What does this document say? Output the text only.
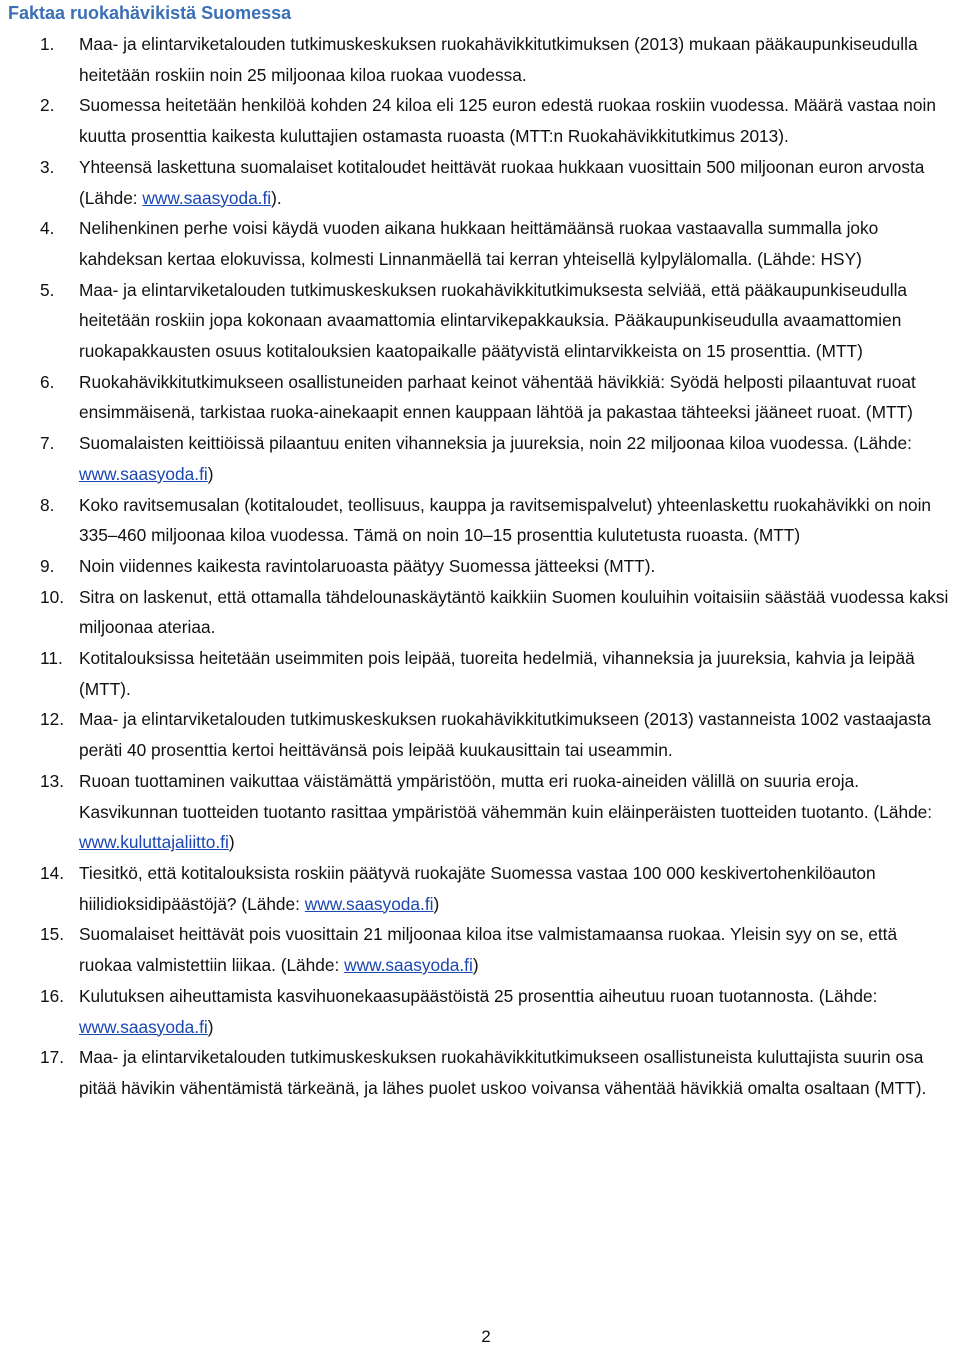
Faktaa ruokahävikistä Suomessa
1.	Maa- ja elintarviketalouden tutkimuskeskuksen ruokahävikkitutkimuksen (2013) mukaan pääkaupunkiseudulla heitetään roskiin noin 25 miljoonaa kiloa ruokaa vuodessa.
2.	Suomessa heitetään henkilöä kohden 24 kiloa eli 125 euron edestä ruokaa roskiin vuodessa. Määrä vastaa noin kuutta prosenttia kaikesta kuluttajien ostamasta ruoasta (MTT:n Ruokahävikkitutkimus 2013).
3.	Yhteensä laskettuna suomalaiset kotitaloudet heittävät ruokaa hukkaan vuosittain 500 miljoonan euron arvosta (Lähde: www.saasyoda.fi).
4.	Nelihenkinen perhe voisi käydä vuoden aikana hukkaan heittämäänsä ruokaa vastaavalla summalla joko kahdeksan kertaa elokuvissa, kolmesti Linnanmäellä tai kerran yhteisellä kylpylälomalla. (Lähde: HSY)
5.	Maa- ja elintarviketalouden tutkimuskeskuksen ruokahävikkitutkimuksesta selviää, että pääkaupunkiseudulla heitetään roskiin jopa kokonaan avaamattomia elintarvikepakkauksia. Pääkaupunkiseudulla avaamattomien ruokapakkausten osuus kotitalouksien kaatopaikalle päätyvistä elintarvikkeista on 15 prosenttia. (MTT)
6.	Ruokahävikkitutkimukseen osallistuneiden parhaat keinot vähentää hävikkiä: Syödä helposti pilaantuvat ruoat ensimmäisenä, tarkistaa ruoka-ainekaapit ennen kauppaan lähtöä ja pakastaa tähteeksi jääneet ruoat. (MTT)
7.	Suomalaisten keittiöissä pilaantuu eniten vihanneksia ja juureksia, noin 22 miljoonaa kiloa vuodessa. (Lähde: www.saasyoda.fi)
8.	Koko ravitsemusalan (kotitaloudet, teollisuus, kauppa ja ravitsemispalvelut) yhteenlaskettu ruokahävikki on noin 335–460 miljoonaa kiloa vuodessa. Tämä on noin 10–15 prosenttia kulutetusta ruoasta. (MTT)
9.	Noin viidennes kaikesta ravintolaruoasta päätyy Suomessa jätteeksi (MTT).
10. Sitra on laskenut, että ottamalla tähdelounaskäytäntö kaikkiin Suomen kouluihin voitaisiin säästää vuodessa kaksi miljoonaa ateriaa.
11. Kotitalouksissa heitetään useimmiten pois leipää, tuoreita hedelmiä, vihanneksia ja juureksia, kahvia ja leipää (MTT).
12. Maa- ja elintarviketalouden tutkimuskeskuksen ruokahävikkitutkimukseen (2013) vastanneista 1002 vastaajasta peräti 40 prosenttia kertoi heittävänsä pois leipää kuukausittain tai useammin.
13. Ruoan tuottaminen vaikuttaa väistämättä ympäristöön, mutta eri ruoka-aineiden välillä on suuria eroja. Kasvikunnan tuotteiden tuotanto rasittaa ympäristöä vähemmän kuin eläinperäisten tuotteiden tuotanto. (Lähde: www.kuluttajaliitto.fi)
14. Tiesitkö, että kotitalouksista roskiin päätyvä ruokajäte Suomessa vastaa 100 000 keskivertohenkilöauton hiilidioksidipäästöjä? (Lähde: www.saasyoda.fi)
15. Suomalaiset heittävät pois vuosittain 21 miljoonaa kiloa itse valmistamaansa ruokaa. Yleisin syy on se, että ruokaa valmistettiin liikaa. (Lähde: www.saasyoda.fi)
16. Kulutuksen aiheuttamista kasvihuonekaasupäästöistä 25 prosenttia aiheutuu ruoan tuotannosta. (Lähde: www.saasyoda.fi)
17. Maa- ja elintarviketalouden tutkimuskeskuksen ruokahävikkitutkimukseen osallistuneista kuluttajista suurin osa pitää hävikin vähentämistä tärkeänä, ja lähes puolet uskoo voivansa vähentää hävikkiä omalta osaltaan (MTT).
2
